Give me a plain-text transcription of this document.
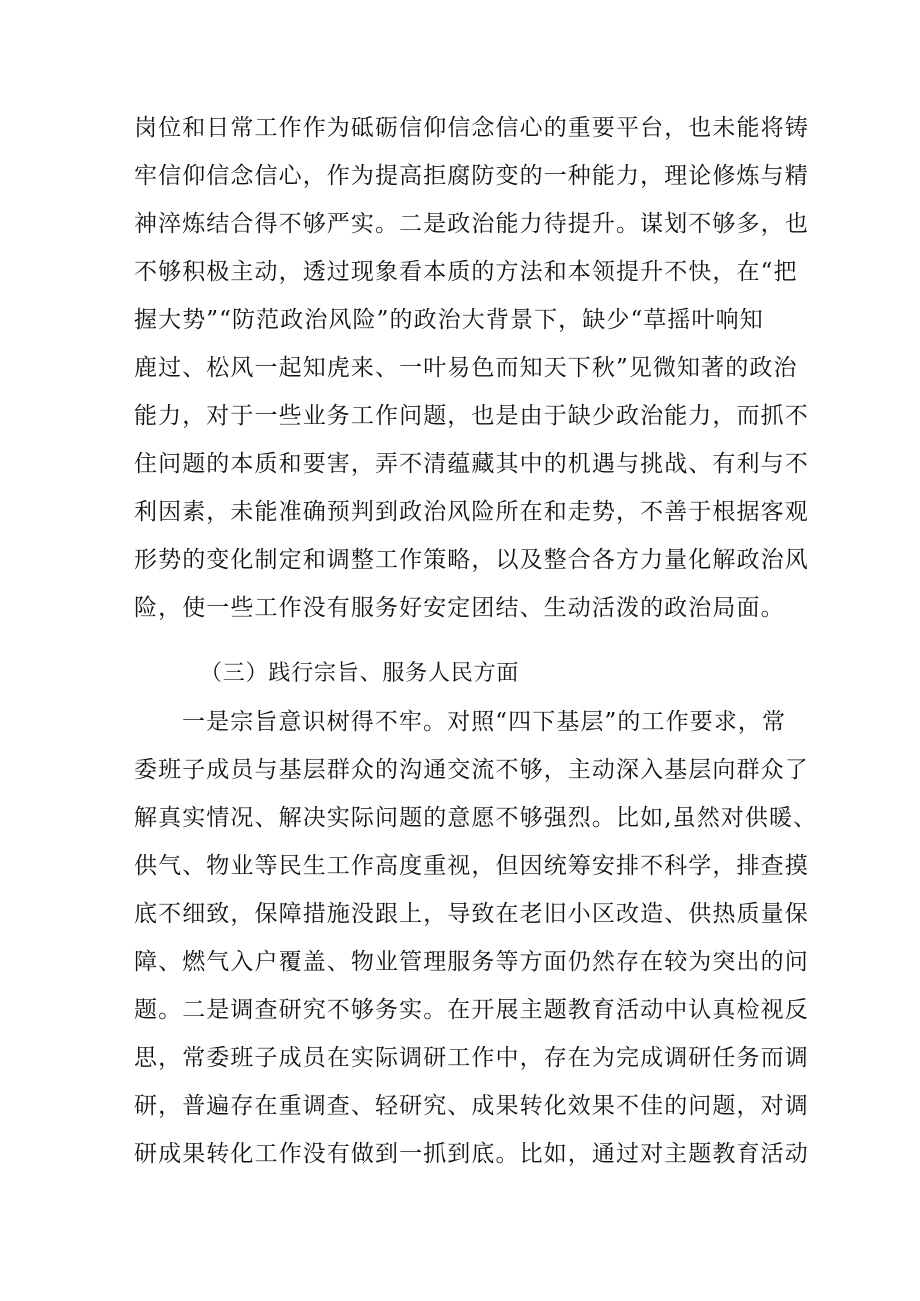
岗位和日常工作作为砥砺信仰信念信心的重要平台，也未能将铸
牢信仰信念信心，作为提高拒腐防变的一种能力，理论修炼与精
神淬炼结合得不够严实。二是政治能力待提升。谋划不够多，也
不够积极主动，透过现象看本质的方法和本领提升不快，在“把
握大势”“防范政治风险”的政治大背景下，缺少“草摇叶响知
鹿过、松风一起知虎来、一叶易色而知天下秋”见微知著的政治
能力，对于一些业务工作问题，也是由于缺少政治能力，而抓不
住问题的本质和要害，弄不清蕴藏其中的机遇与挑战、有利与不
利因素，未能准确预判到政治风险所在和走势，不善于根据客观
形势的变化制定和调整工作策略，以及整合各方力量化解政治风
险，使一些工作没有服务好安定团结、生动活泼的政治局面。
（三）践行宗旨、服务人民方面
一是宗旨意识树得不牢。对照“四下基层”的工作要求，常
委班子成员与基层群众的沟通交流不够，主动深入基层向群众了
解真实情况、解决实际问题的意愿不够强烈。比如,虽然对供暖、
供气、物业等民生工作高度重视，但因统筹安排不科学，排查摸
底不细致，保障措施没跟上，导致在老旧小区改造、供热质量保
障、燃气入户覆盖、物业管理服务等方面仍然存在较为突出的问
题。二是调查研究不够务实。在开展主题教育活动中认真检视反
思，常委班子成员在实际调研工作中，存在为完成调研任务而调
研，普遍存在重调查、轻研究、成果转化效果不佳的问题，对调
研成果转化工作没有做到一抓到底。比如，通过对主题教育活动
